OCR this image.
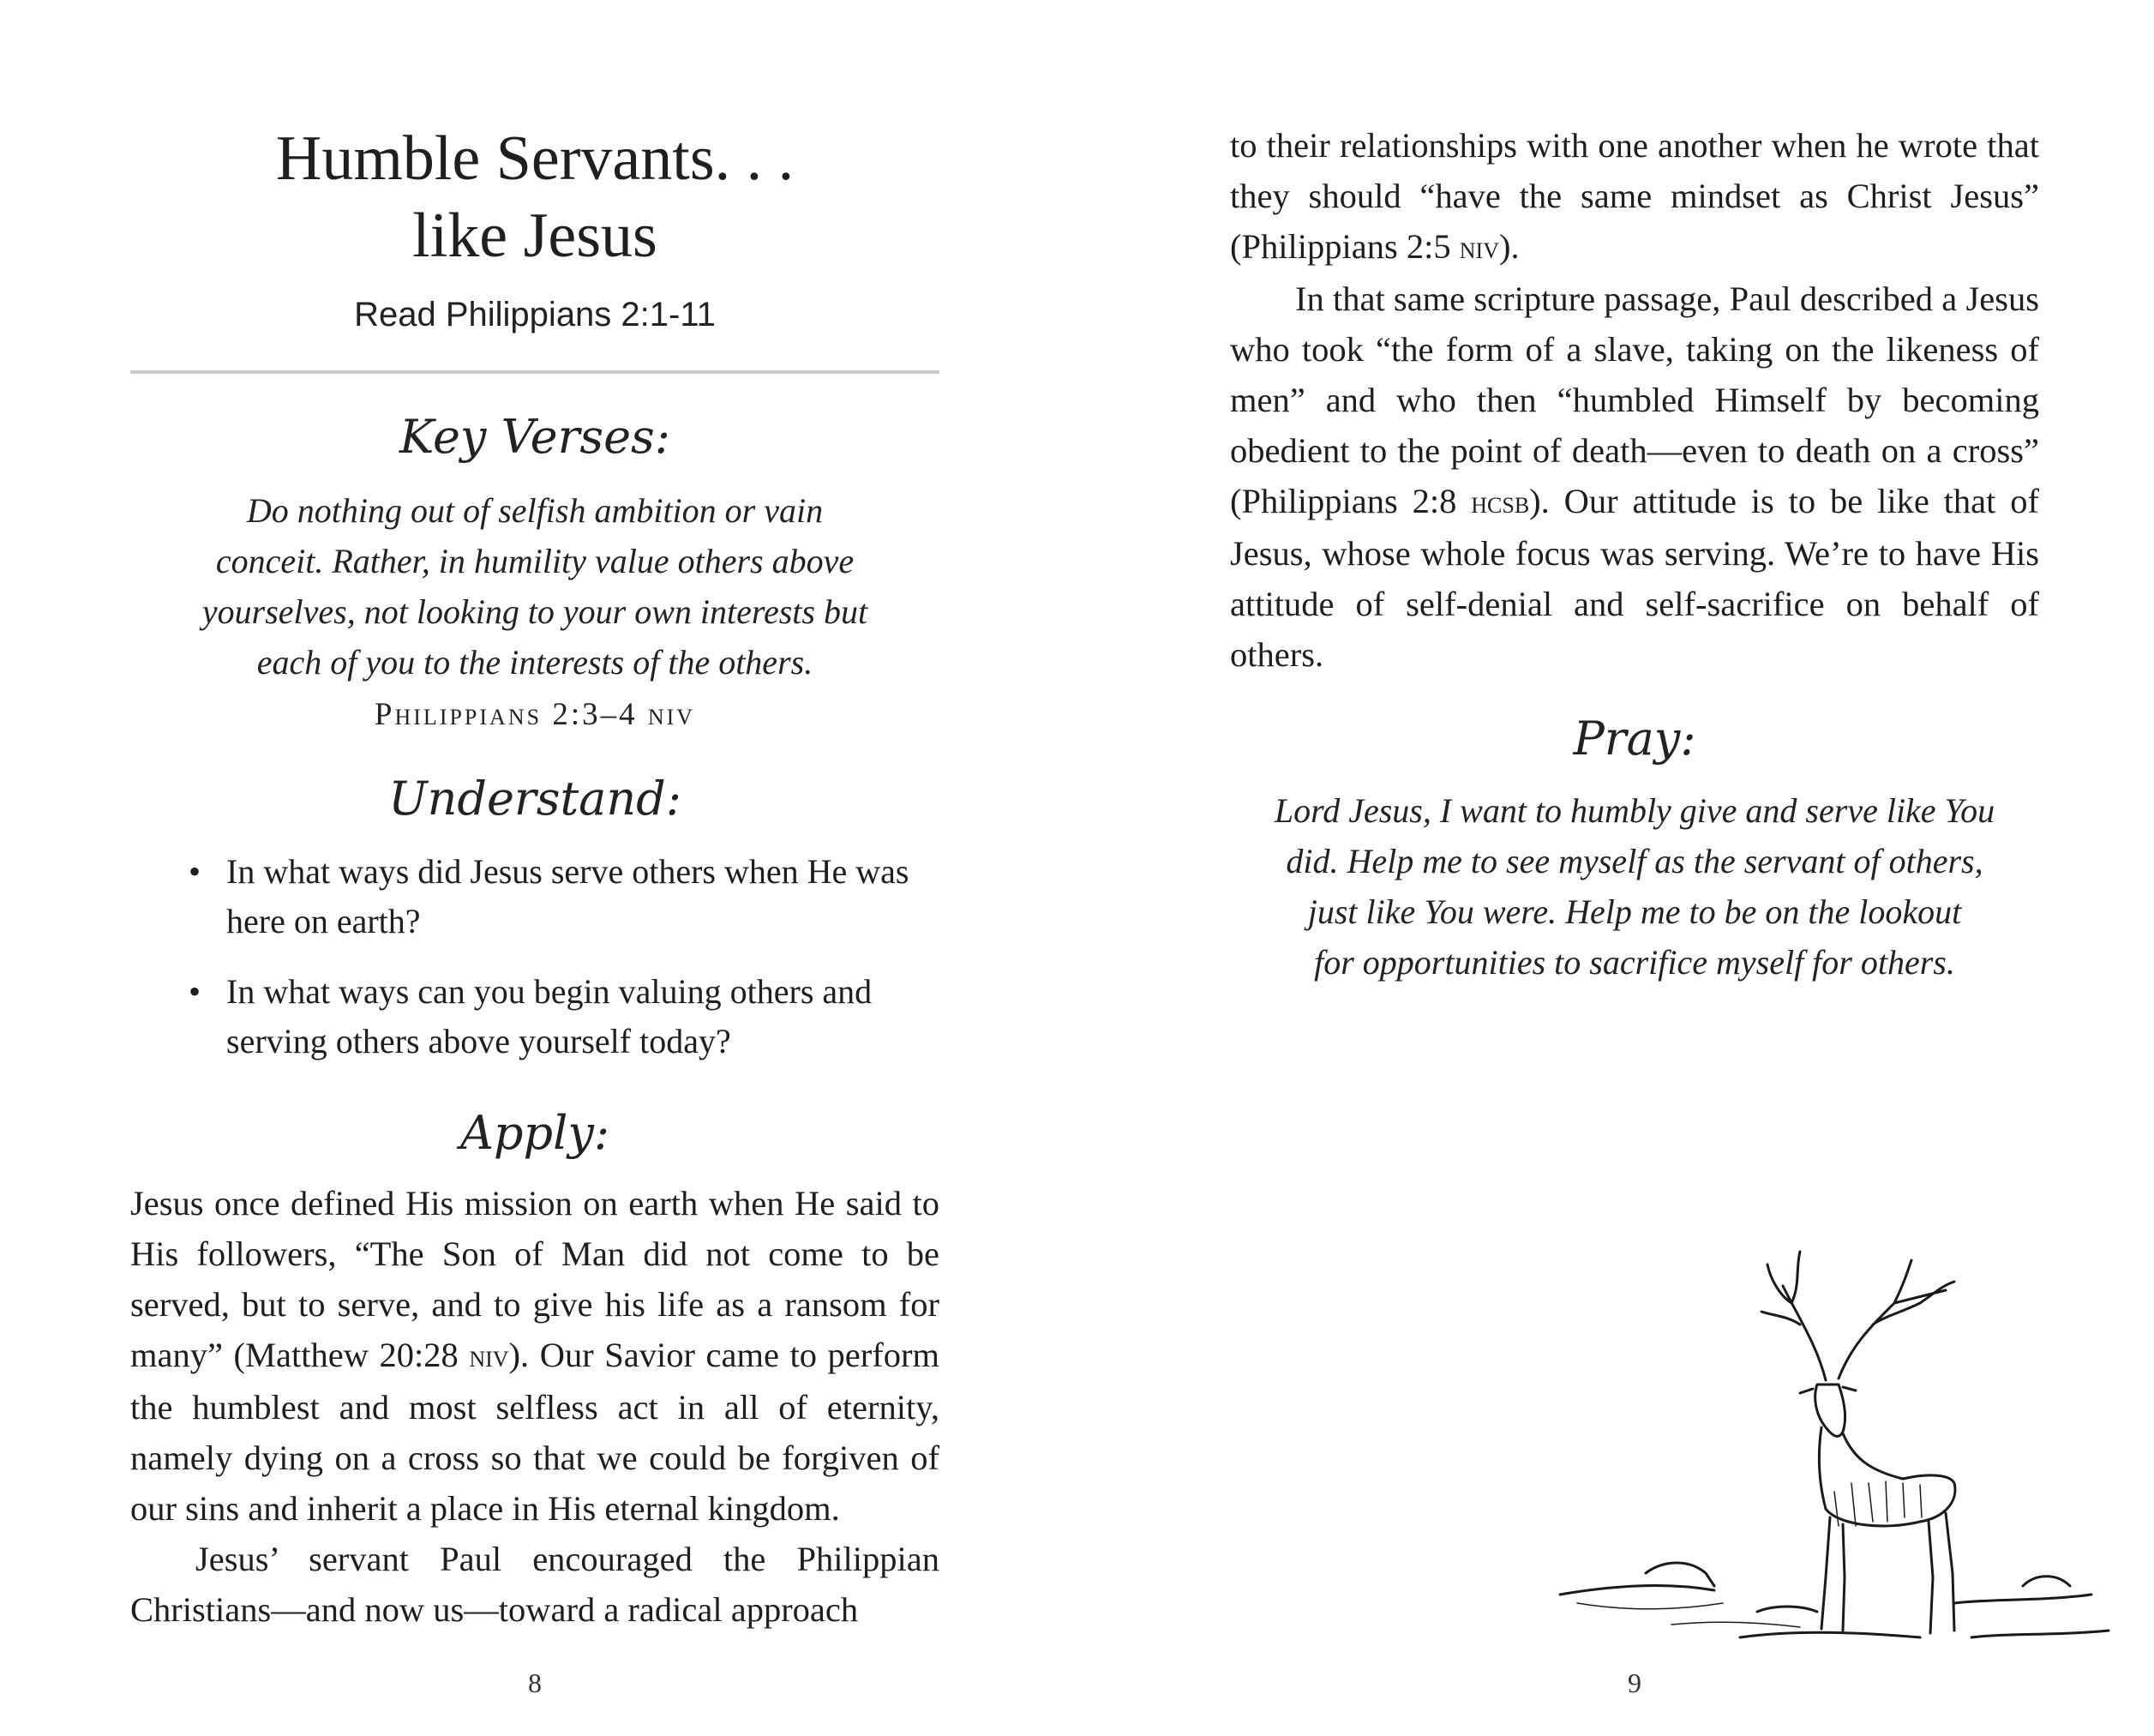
Humble Servants. . .
like Jesus
Read Philippians 2:1-11
Key Verses:
Do nothing out of selfish ambition or vain
conceit. Rather, in humility value others above
yourselves, not looking to your own interests but
each of you to the interests of the others.
Philippians 2:3–4 niv
Understand:
• In what ways did Jesus serve others when He was here on earth?
• In what ways can you begin valuing others and serving others above yourself today?
Apply:

Jesus once defined His mission on earth when He said to His followers, “The Son of Man did not come to be served, but to serve, and to give his life as a ransom for many” (Matthew 20:28 niv). Our Savior came to perform the humblest and most selfless act in all of eternity, namely dying on a cross so that we could be forgiven of our sins and inherit a place in His eternal kingdom.

Jesus’ servant Paul encouraged the Philippian Christians—and now us—toward a radical approach

8

to their relationships with one another when he wrote that they should “have the same mindset as Christ Jesus” (Philippians 2:5 niv).

In that same scripture passage, Paul described a Jesus who took “the form of a slave, taking on the likeness of men” and who then “humbled Himself by becoming obedient to the point of death—even to death on a cross” (Philippians 2:8 hcsb). Our attitude is to be like that of Jesus, whose whole focus was serving. We’re to have His attitude of self-denial and self-sacrifice on behalf of others.

Pray:
Lord Jesus, I want to humbly give and serve like You
did. Help me to see myself as the servant of others,
just like You were. Help me to be on the lookout
for opportunities to sacrifice myself for others.
9
